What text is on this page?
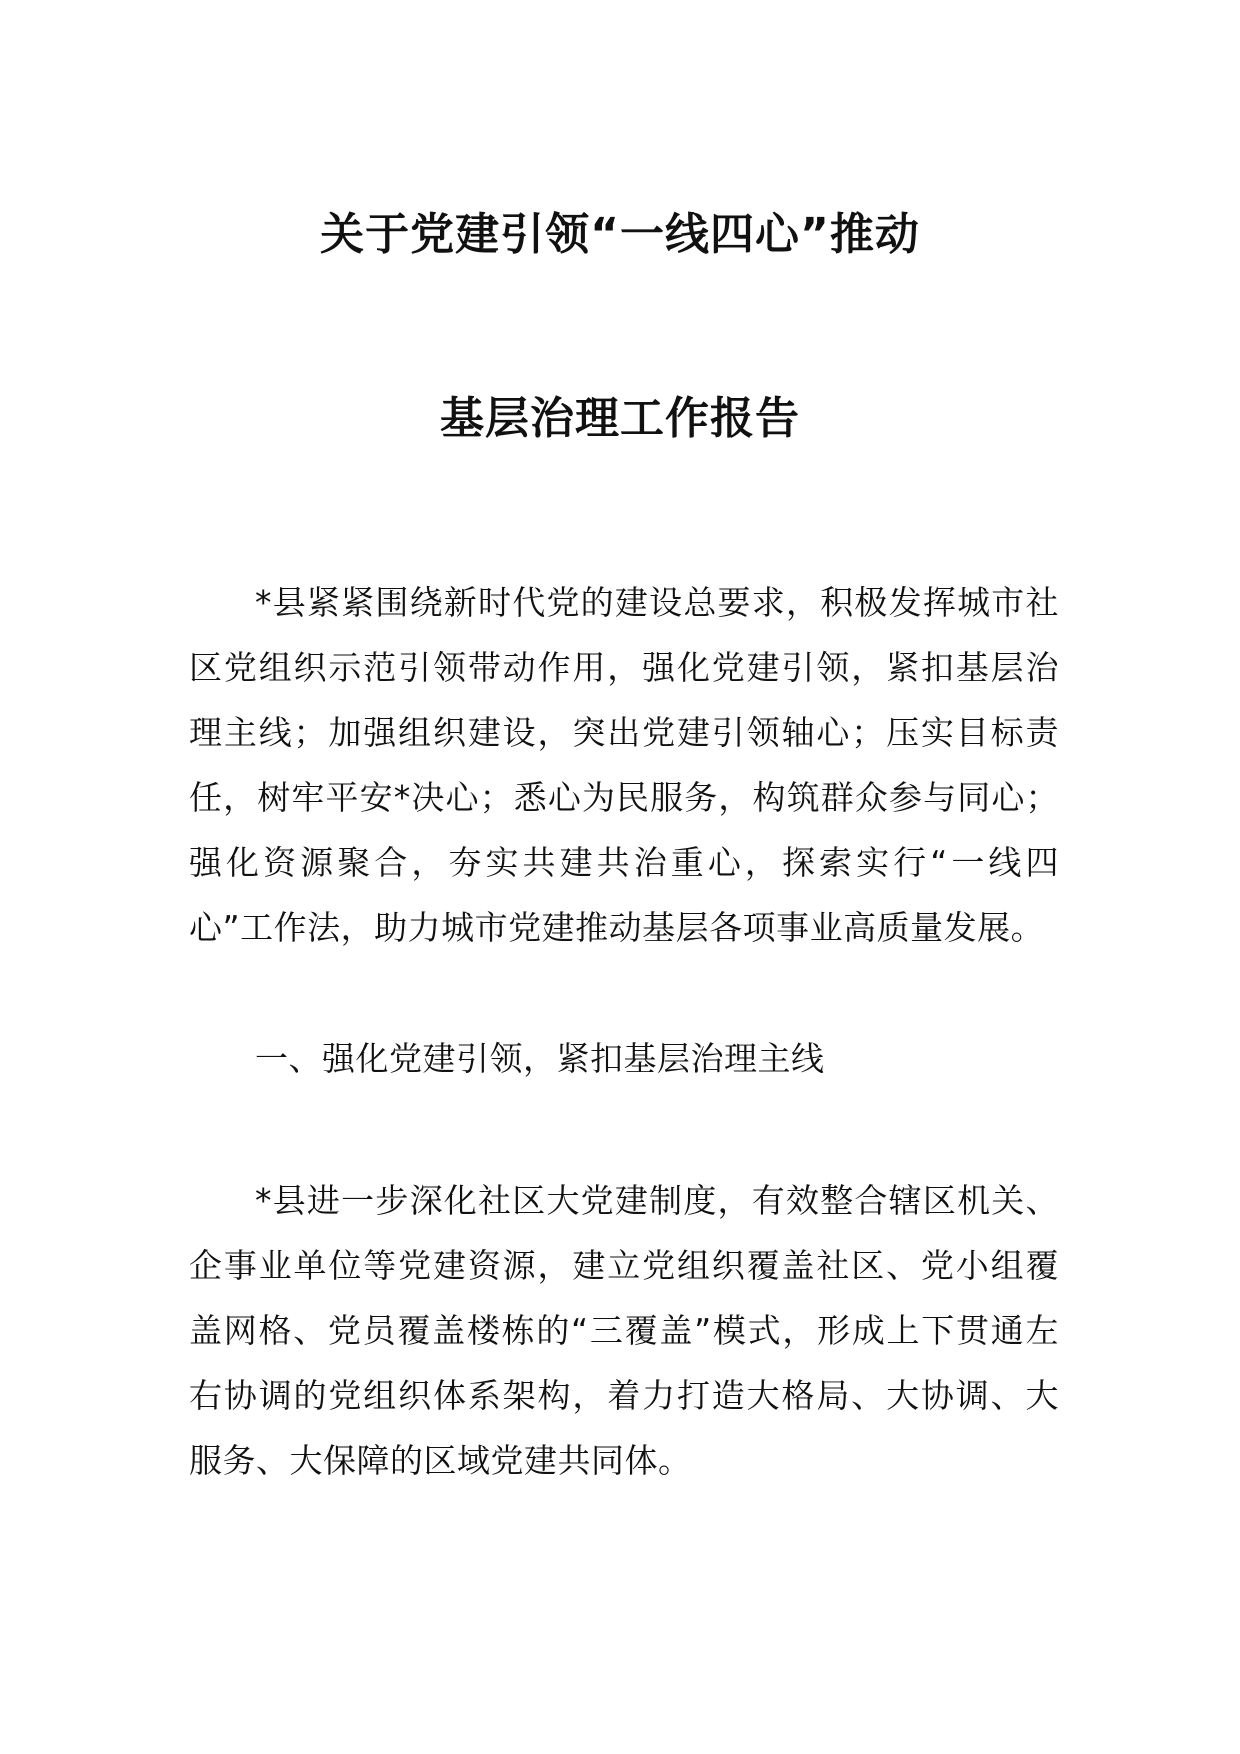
关于党建引领“一线四心”推动
基层治理工作报告

*县紧紧围绕新时代党的建设总要求，积极发挥城市社区党组织示范引领带动作用，强化党建引领，紧扣基层治理主线；加强组织建设，突出党建引领轴心；压实目标责任，树牢平安*决心；悉心为民服务，构筑群众参与同心；强化资源聚合，夯实共建共治重心，探索实行“一线四心”工作法，助力城市党建推动基层各项事业高质量发展。

一、强化党建引领，紧扣基层治理主线

*县进一步深化社区大党建制度，有效整合辖区机关、企事业单位等党建资源，建立党组织覆盖社区、党小组覆盖网格、党员覆盖楼栋的“三覆盖”模式，形成上下贯通左右协调的党组织体系架构，着力打造大格局、大协调、大服务、大保障的区域党建共同体。
